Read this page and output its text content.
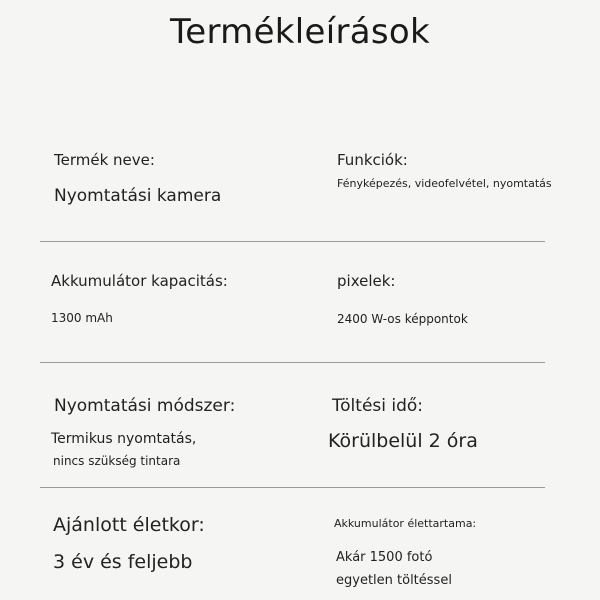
Termékleírások
Termék neve:
Nyomtatási kamera
Funkciók:
Fényképezés, videofelvétel, nyomtatás
Akkumulátor kapacitás:
1300 mAh
pixelek:
2400 W-os képpontok
Nyomtatási módszer:
Termikus nyomtatás,
nincs szükség tintara
Töltési idő:
Körülbelül 2 óra
Ajánlott életkor:
3 év és feljebb
Akkumulátor élettartama:
Akár 1500 fotó
egyetlen töltéssel
